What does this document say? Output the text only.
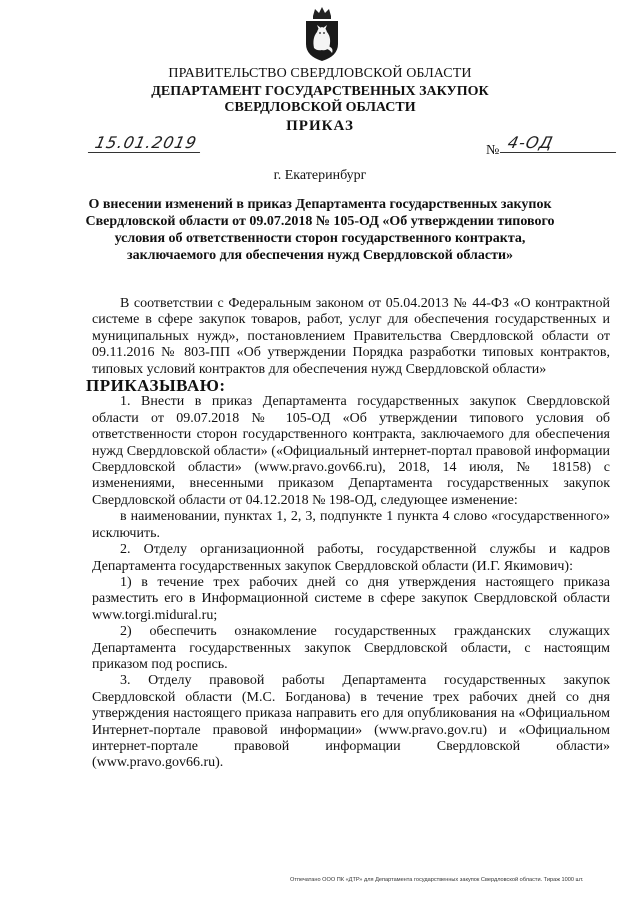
ПРАВИТЕЛЬСТВО СВЕРДЛОВСКОЙ ОБЛАСТИ
ДЕПАРТАМЕНТ ГОСУДАРСТВЕННЫХ ЗАКУПОК
СВЕРДЛОВСКОЙ ОБЛАСТИ
ПРИКАЗ
15.01.2019	№ 4-ОД
г. Екатеринбург
О внесении изменений в приказ Департамента государственных закупок Свердловской области от 09.07.2018 № 105-ОД «Об утверждении типового условия об ответственности сторон государственного контракта, заключаемого для обеспечения нужд Свердловской области»

В соответствии с Федеральным законом от 05.04.2013 № 44-ФЗ «О контрактной системе в сфере закупок товаров, работ, услуг для обеспечения государственных и муниципальных нужд», постановлением Правительства Свердловской области от 09.11.2016 № 803-ПП «Об утверждении Порядка разработки типовых контрактов, типовых условий контрактов для обеспечения нужд Свердловской области»

ПРИКАЗЫВАЮ:

1. Внести в приказ Департамента государственных закупок Свердловской области от 09.07.2018 № 105-ОД «Об утверждении типового условия об ответственности сторон государственного контракта, заключаемого для обеспечения нужд Свердловской области» («Официальный интернет-портал правовой информации Свердловской области» (www.pravo.gov66.ru), 2018, 14 июля, № 18158) с изменениями, внесенными приказом Департамента государственных закупок Свердловской области от 04.12.2018 № 198-ОД, следующее изменение:

в наименовании, пунктах 1, 2, 3, подпункте 1 пункта 4 слово «государственного» исключить.

2. Отделу организационной работы, государственной службы и кадров Департамента государственных закупок Свердловской области (И.Г. Якимович):

1) в течение трех рабочих дней со дня утверждения настоящего приказа разместить его в Информационной системе в сфере закупок Свердловской области www.torgi.midural.ru;

2) обеспечить ознакомление государственных гражданских служащих Департамента государственных закупок Свердловской области, с настоящим приказом под роспись.

3. Отделу правовой работы Департамента государственных закупок Свердловской области (М.С. Богданова) в течение трех рабочих дней со дня утверждения настоящего приказа направить его для опубликования на «Официальном Интернет-портале правовой информации» (www.pravo.gov.ru) и «Официальном интернет-портале правовой информации Свердловской области» (www.pravo.gov66.ru).

Отпечатано ООО ПК «ДТР» для Департамента государственных закупок Свердловской области. Тираж 1000 шт.
